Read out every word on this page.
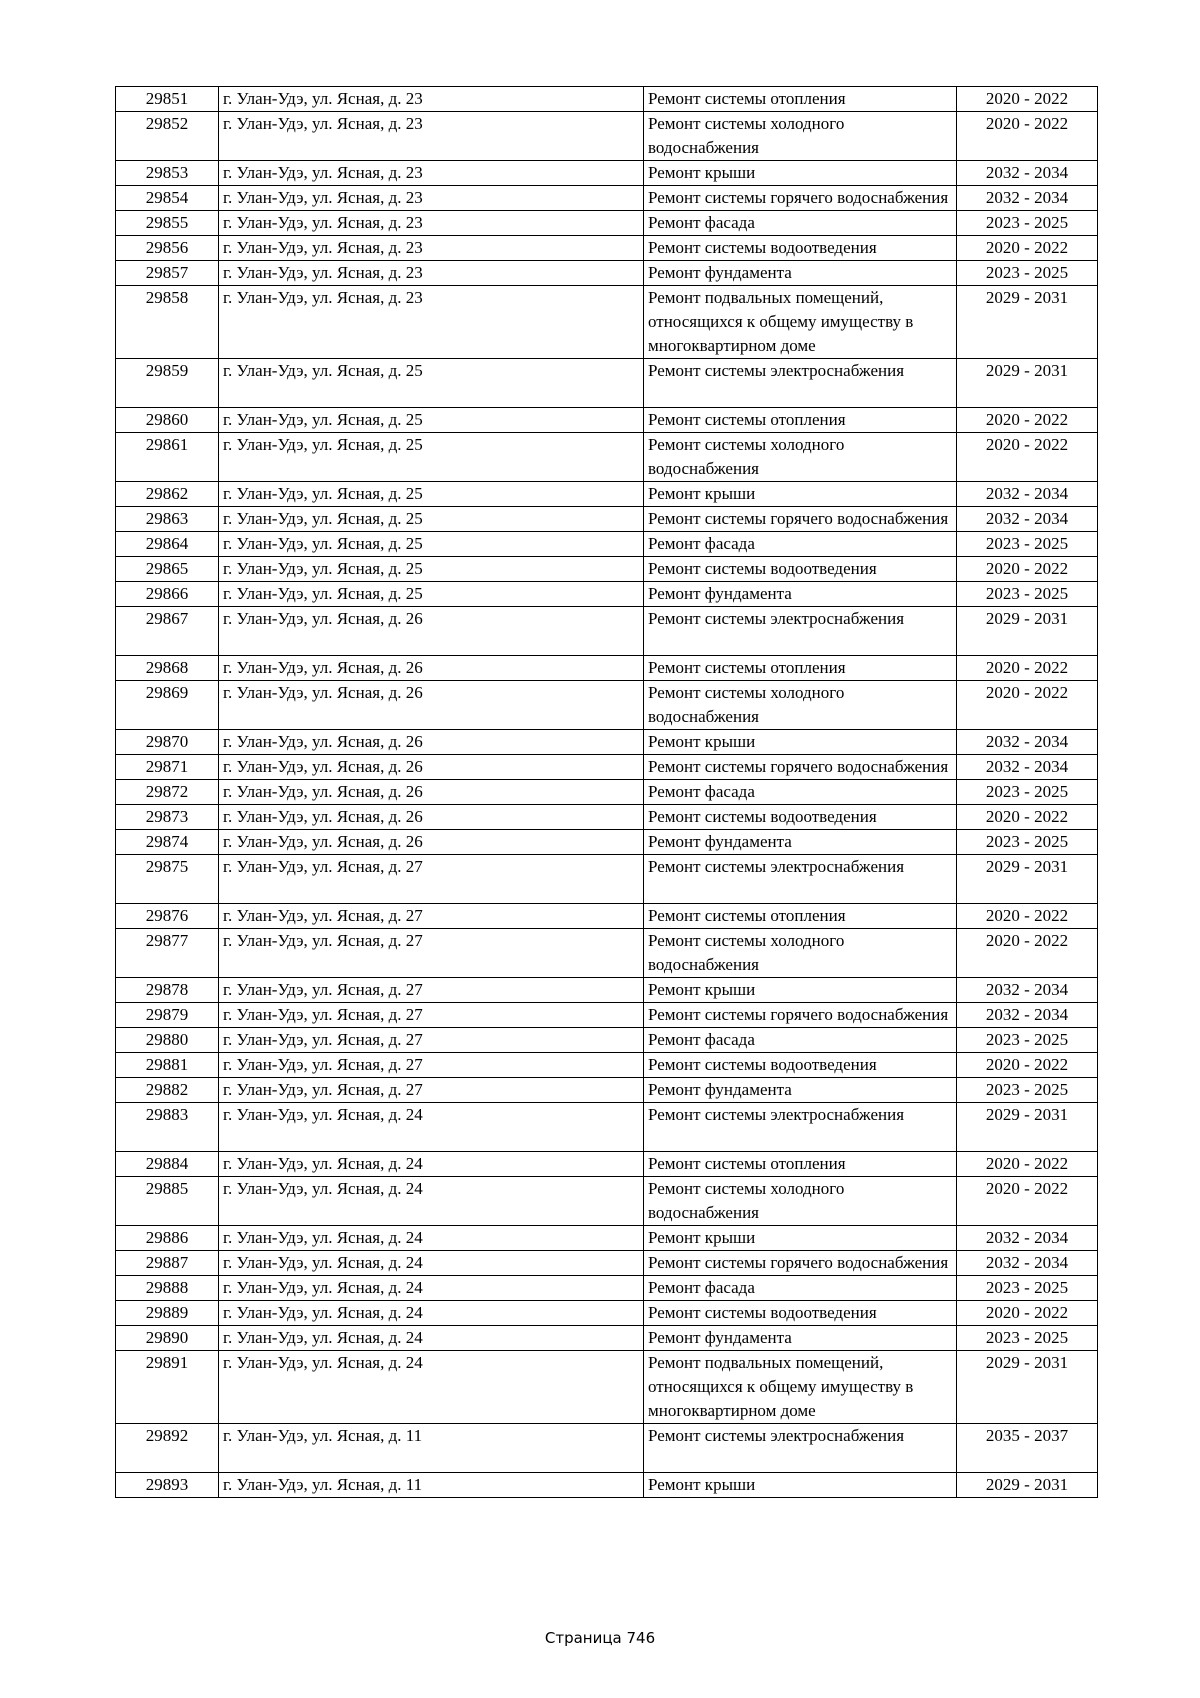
29851	г. Улан-Удэ, ул. Ясная, д. 23	Ремонт системы отопления	2020 - 2022
29852	г. Улан-Удэ, ул. Ясная, д. 23	Ремонт системы холодного водоснабжения	2020 - 2022
29853	г. Улан-Удэ, ул. Ясная, д. 23	Ремонт крыши	2032 - 2034
29854	г. Улан-Удэ, ул. Ясная, д. 23	Ремонт системы горячего водоснабжения	2032 - 2034
29855	г. Улан-Удэ, ул. Ясная, д. 23	Ремонт фасада	2023 - 2025
29856	г. Улан-Удэ, ул. Ясная, д. 23	Ремонт системы водоотведения	2020 - 2022
29857	г. Улан-Удэ, ул. Ясная, д. 23	Ремонт фундамента	2023 - 2025
29858	г. Улан-Удэ, ул. Ясная, д. 23	Ремонт подвальных помещений, относящихся к общему имуществу в многоквартирном доме	2029 - 2031
29859	г. Улан-Удэ, ул. Ясная, д. 25	Ремонт системы электроснабжения	2029 - 2031
29860	г. Улан-Удэ, ул. Ясная, д. 25	Ремонт системы отопления	2020 - 2022
29861	г. Улан-Удэ, ул. Ясная, д. 25	Ремонт системы холодного водоснабжения	2020 - 2022
29862	г. Улан-Удэ, ул. Ясная, д. 25	Ремонт крыши	2032 - 2034
29863	г. Улан-Удэ, ул. Ясная, д. 25	Ремонт системы горячего водоснабжения	2032 - 2034
29864	г. Улан-Удэ, ул. Ясная, д. 25	Ремонт фасада	2023 - 2025
29865	г. Улан-Удэ, ул. Ясная, д. 25	Ремонт системы водоотведения	2020 - 2022
29866	г. Улан-Удэ, ул. Ясная, д. 25	Ремонт фундамента	2023 - 2025
29867	г. Улан-Удэ, ул. Ясная, д. 26	Ремонт системы электроснабжения	2029 - 2031
29868	г. Улан-Удэ, ул. Ясная, д. 26	Ремонт системы отопления	2020 - 2022
29869	г. Улан-Удэ, ул. Ясная, д. 26	Ремонт системы холодного водоснабжения	2020 - 2022
29870	г. Улан-Удэ, ул. Ясная, д. 26	Ремонт крыши	2032 - 2034
29871	г. Улан-Удэ, ул. Ясная, д. 26	Ремонт системы горячего водоснабжения	2032 - 2034
29872	г. Улан-Удэ, ул. Ясная, д. 26	Ремонт фасада	2023 - 2025
29873	г. Улан-Удэ, ул. Ясная, д. 26	Ремонт системы водоотведения	2020 - 2022
29874	г. Улан-Удэ, ул. Ясная, д. 26	Ремонт фундамента	2023 - 2025
29875	г. Улан-Удэ, ул. Ясная, д. 27	Ремонт системы электроснабжения	2029 - 2031
29876	г. Улан-Удэ, ул. Ясная, д. 27	Ремонт системы отопления	2020 - 2022
29877	г. Улан-Удэ, ул. Ясная, д. 27	Ремонт системы холодного водоснабжения	2020 - 2022
29878	г. Улан-Удэ, ул. Ясная, д. 27	Ремонт крыши	2032 - 2034
29879	г. Улан-Удэ, ул. Ясная, д. 27	Ремонт системы горячего водоснабжения	2032 - 2034
29880	г. Улан-Удэ, ул. Ясная, д. 27	Ремонт фасада	2023 - 2025
29881	г. Улан-Удэ, ул. Ясная, д. 27	Ремонт системы водоотведения	2020 - 2022
29882	г. Улан-Удэ, ул. Ясная, д. 27	Ремонт фундамента	2023 - 2025
29883	г. Улан-Удэ, ул. Ясная, д. 24	Ремонт системы электроснабжения	2029 - 2031
29884	г. Улан-Удэ, ул. Ясная, д. 24	Ремонт системы отопления	2020 - 2022
29885	г. Улан-Удэ, ул. Ясная, д. 24	Ремонт системы холодного водоснабжения	2020 - 2022
29886	г. Улан-Удэ, ул. Ясная, д. 24	Ремонт крыши	2032 - 2034
29887	г. Улан-Удэ, ул. Ясная, д. 24	Ремонт системы горячего водоснабжения	2032 - 2034
29888	г. Улан-Удэ, ул. Ясная, д. 24	Ремонт фасада	2023 - 2025
29889	г. Улан-Удэ, ул. Ясная, д. 24	Ремонт системы водоотведения	2020 - 2022
29890	г. Улан-Удэ, ул. Ясная, д. 24	Ремонт фундамента	2023 - 2025
29891	г. Улан-Удэ, ул. Ясная, д. 24	Ремонт подвальных помещений, относящихся к общему имуществу в многоквартирном доме	2029 - 2031
29892	г. Улан-Удэ, ул. Ясная, д. 11	Ремонт системы электроснабжения	2035 - 2037
29893	г. Улан-Удэ, ул. Ясная, д. 11	Ремонт крыши	2029 - 2031
Страница 746
